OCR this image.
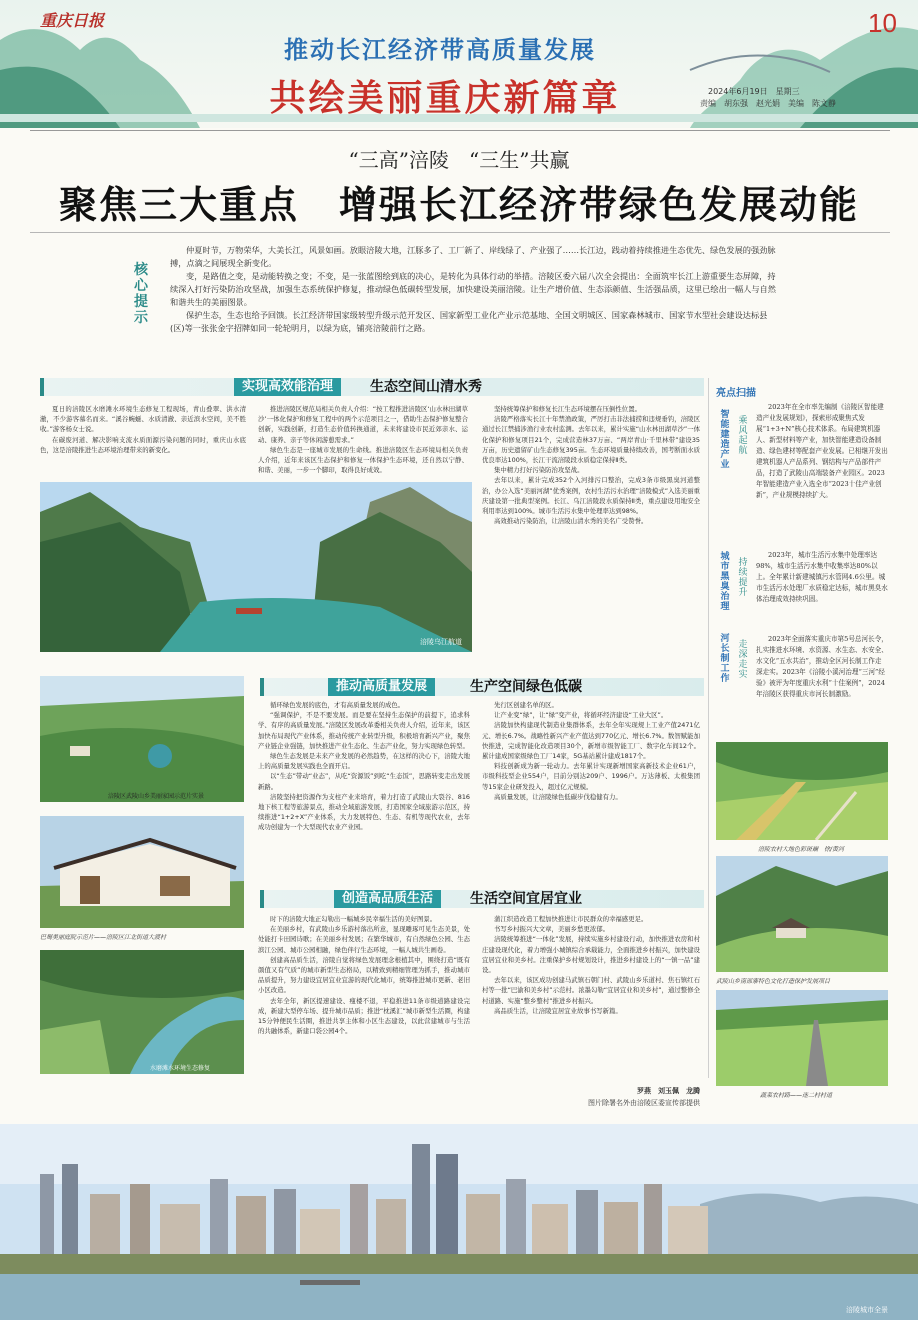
重庆日报	10
推动长江经济带高质量发展
共绘美丽重庆新篇章	2024年6月19日　星期三
责编　胡东强　赵光娟　美编　陈文静
“三高”涪陵　“三生”共赢
聚焦三大重点　增强长江经济带绿色发展动能
核心提示

仲夏时节，万物荣华，大美长江，风景如画。放眼涪陵大地，江豚多了、工厂新了、岸线绿了、产业强了……长江边，践动着持续推进生态优先、绿色发展的强劲脉搏，点滴之间展现全新变化。

变，是路值之变，是动能转换之变；不变，是一张蓝图绘到底的决心，是转化为具体行动的举措。涪陵区委六届八次全会提出：全面筑牢长江上游重要生态屏障，持续深入打好污染防治攻坚战，加强生态系统保护修复，推动绿色低碳转型发展，加快建设美丽涪陵。让生产增价值、生态添颜值、生活强品质，这里已绘出一幅人与自然和谐共生的美丽图景。

保护生态，生态也给予回馈。长江经济带国家级转型升级示范开发区、国家新型工业化产业示范基地、全国文明城区、国家森林城市、国家节水型社会建设达标县(区)等一张张金字招牌如同一轮轮明月，以绿为底，铺亮涪陵前行之路。

实现高效能治理	生态空间山清水秀

夏日的涪陵区水磨滩水环境生态修复工程现场，青山叠翠、洪水清澈，不少游客慕名而来。“溪谷蜿蜒、水质清澈、亲近滨水空间，美不胜收。”游客杨女士说。

在碳废河道、解决影响支流水质面源污染问题的同时，重庆山水底色，这是涪陵推进生态环境治理带来的新变化。

推进涪陵区规范局相关负责人介绍：“按工程推进涪陵区‘山水林田湖草沙’一体化保护和修复工程中的两个示范项目之一，借助生态保护修复整合创新，实践创新，打造生态价值转换通道，未来将建设市民近郊亲水、运动、康养、亲子等休闲游憩需求。”

绿色生态是一座城市发展的生命线。推进涪陵区生态环境局相关负责人介绍，近年来该区生态保护和修复一体保护生态环境，还自然以宁静、和谐、美丽，一步一个脚印，取得良好成效。

坚持统筹保护和修复长江生态环境摆在压倒性位置。

涪陵严格落实长江十年禁渔政策，严厉打击非法捕捞和违规垂钓，涪陵区通过长江禁捕涉渔行业农村监测。去年以来，累计实施“山水林田湖草沙”一体化保护和修复项目21个，完成营造林37万亩、“两岸青山·千里林带”建设35万亩，历史遗留矿山生态修复395亩。生态环境质量持续改善，国考断面水质优良率达100%，长江干流涪陵段水质稳定保持Ⅱ类。

集中精力打好污染防治攻坚战。

去年以来，累计完成352个入河排污口整治，完成3条市级黑臭河道整治，办公入选“美丽河湖”优秀案例，农村生活污水治理“涪陵模式”入选美丽重庆建设第一批典型案例。长江、乌江涪陵段水质保持Ⅱ类，重点建设用地安全利用率达到100%。城市生活污水集中处理率达到98%。

高效推动污染防治，让涪陵山清水秀的美名广受赞誉。

涪陵乌江航道
推动高质量发展	生产空间绿色低碳
涪陵区武陵山乡美丽家园示范片实景
巴蜀美丽庭院示范片——涪陵区江北街道大渡村

循环绿色发展的底色，才有高质量发展的成色。

“强调保护，不是不要发展。而是要在坚持生态保护的前提下，追求科学、有序的高质量发展。”涪陵区发展改革委相关负责人介绍，近年来，该区加快布局现代产业体系，推动传统产业转型升级，积极培育新兴产业，聚焦产业链企业强链，加快推进产业生态化、生态产业化，努力实现绿色转型。

绿色生态发展是未来产业发展的必然趋势，在这样的决心下，涪陵大地上的高质量发展实践也全面开启。

以“生态”带动“业态”，从吃“资源饭”到吃“生态饭”，思路转变走出发展新路。

涪陵坚持把资源作为支柱产业来培育，着力打造了武陵山大裂谷、816地下核工程等旅游景点，推动全域旅游发展，打造国家全域旅游示范区，持续推进“1+2+X”产业体系，大力发展特色、生态、有机等现代农业，去年成功创建为一个大型现代农业产业园。

先行区创建名单的区。

让产业变“绿”，让“绿”变产业，将循环经济建设“工业大区”。

涪陵加快构建现代制造业集群体系，去年全年实现规上工业产值2471亿元、增长6.7%。战略性新兴产业产值达到770亿元、增长6.7%。数智赋能加快推进，完成智能化改造项目30个，新增市级智能工厂、数字化车间12个。累计建成国家级绿色工厂14家，5G基站累计建成1817个。

料技创新成为新一轮动力。去年累计实现新增国家高新技术企业61户，市级科技型企业554户，目前分别达209户、1996户。万达薄板、太极集团等15家企业研发投入，超过亿元规模。

高质量发展，让涪陵绿色低碳步伐稳健有力。

创造高品质生活	生活空间宜居宜业
水磨滩水环境生态修复

时下的涪陵大地正勾勒出一幅城乡民幸福生活的美好图景。

在美丽乡村，有武陵山乡乐游村落出所意，显现雕琢可见生态美景，处处能打卡田园诗歌；在美丽乡村发展；在繁华城市，有自然绿色公园、生态滨江公园、城市公园相融，绿色伴行生态环境，一幅人城共生画卷。

创建高品质生活，涪陵自觉将绿色发展理念根植其中，围绕打造“既有颜值又有气质”的城市新型生态格局，以精致到精细管理为抓手，推动城市品质提升，努力建设宜居宜业宜游的现代化城市，统筹推进城市更新、老旧小区改造。

去年全年，新区提速建设、瘦楼不退，平稳推进11条市级道路建设完成，新建大型停车场、提升城市品质；推进“枕溪汇”城市新型生活圈，构建15分钟便民生活圈，推进共享主体和小区生态建设，以此营建城市与生活的共融体系，新建口袋公园4个。

蒲江织造改造工程加快推进让市民群众的幸福感更足。

书写乡村振兴大文章，美丽乡愁更浓郁。

涪陵统筹推进“一体化”发展，持续实施乡村建设行动，加快推进农房和村庄建设现代化，着力增强小城镇综合承载能力，全面推进乡村振兴，加快建设宜居宜业和美乡村。注重保护乡村规划设计，推进乡村建设上的“一镇一品”建设。

去年以来，该区成功创建马武镇石朝门村、武陵山乡乐道村、焦石镇红石村等一批“巴渝和美乡村”示范村。浓墨勾勒“宜居宜业和美乡村”，通过整修全村道路、实施“整乡整村”推进乡村振兴。

高品质生活，让涪陵宜居宜业故事书写新篇。

罗燕　刘玉佩　龙腾
图片除署名外由涪陵区委宣传部提供
亮点扫描
智能建造产业
乘风起航

2023年在全市率先编制《涪陵区智能建造产业发展规划》，探索形成聚焦式发展“1+3+N”核心技术体系。布局建筑机器人、新型材料等产业，加快智能建造设备制造、绿色建材等配套产业发展。已相继开发出建筑机器人产品系列、钢结构与产品部件产品，打造了武陵山高端装备产业园区。2023年智能建造产业入选全市“2023十佳产业创新”，产业规模持续扩大。

城市黑臭治理
持续提升

2023年，城市生活污水集中处理率达98%，城市生活污水集中收集率达80%以上。全年累计新建城镇污水管网4.6公里。城市生活污水处理厂水质稳定达标，城市黑臭水体治理成效持续巩固。

河长制工作
走深走实

2023年全面落实重庆市第5号总河长令，扎实推进水环境、水资源、水生态、水安全、水文化“五水共治”，推动全区河长制工作走深走实。2023年《涪陵小溪河治理“三河”经验》被评为年度重庆水利“十佳案例”，2024年涪陵区获得重庆市河长制激励。

涪陵农村大地色彩斑斓　徐/黄河
武陵山乡南部寨特色文化打造保护发展项目
蔬菜农村路——迷二村村道
涪陵城市全景
